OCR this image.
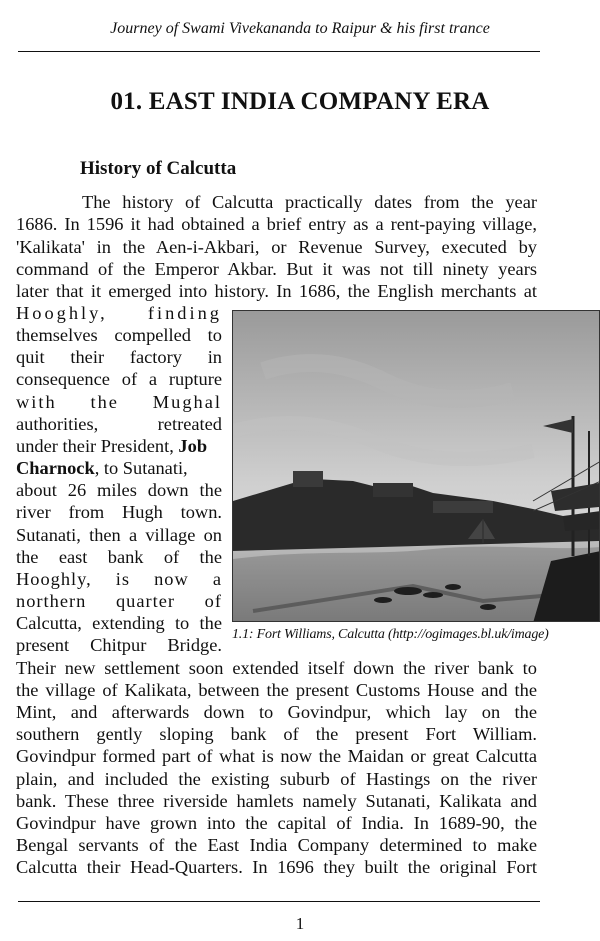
Journey of Swami Vivekananda to Raipur & his first trance
01. EAST INDIA COMPANY ERA
History of Calcutta
The history of Calcutta practically dates from the year
1686. In 1596 it had obtained a brief entry as a rent-paying village,
'Kalikata' in the Aen-i-Akbari, or Revenue Survey, executed by
command of the Emperor Akbar. But it was not till ninety years
later that it emerged into history. In 1686, the English merchants at
Hooghly, finding
themselves compelled to
quit their factory in
consequence of a rupture
with the Mughal
authorities, retreated
under their President, Job
Charnock, to Sutanati,
about 26 miles down the
river from Hugh town.
Sutanati, then a village on
the east bank of the
Hooghly, is now a
northern quarter of
Calcutta, extending to the
present Chitpur Bridge.
1.1: Fort Williams, Calcutta (http://ogimages.bl.uk/image)
Their new settlement soon extended itself down the river bank to
the village of Kalikata, between the present Customs House and the
Mint, and afterwards down to Govindpur, which lay on the
southern gently sloping bank of the present Fort William.
Govindpur formed part of what is now the Maidan or great Calcutta
plain, and included the existing suburb of Hastings on the river
bank. These three riverside hamlets namely Sutanati, Kalikata and
Govindpur have grown into the capital of India. In 1689-90, the
Bengal servants of the East India Company determined to make
Calcutta their Head-Quarters. In 1696 they built the original Fort
1
